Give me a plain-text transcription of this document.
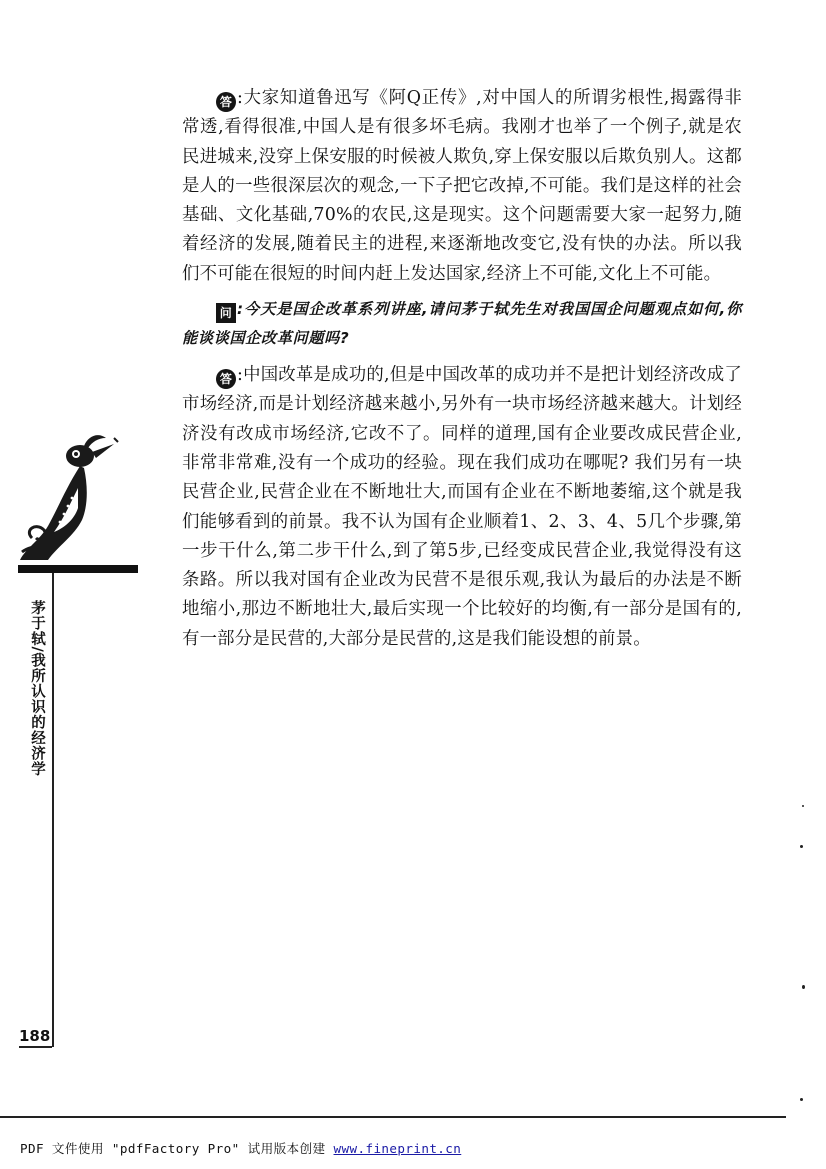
答 :大家知道鲁迅写《阿Q正传》,对中国人的所谓劣根性,揭露得非常透,看得很准,中国人是有很多坏毛病。我刚才也举了一个例子,就是农民进城来,没穿上保安服的时候被人欺负,穿上保安服以后欺负别人。这都是人的一些很深层次的观念,一下子把它改掉,不可能。我们是这样的社会基础、文化基础,70%的农民,这是现实。这个问题需要大家一起努力,随着经济的发展,随着民主的进程,来逐渐地改变它,没有快的办法。所以我们不可能在很短的时间内赶上发达国家,经济上不可能,文化上不可能。

问 :今天是国企改革系列讲座,请问茅于轼先生对我国国企问题观点如何,你能谈谈国企改革问题吗?

答 :中国改革是成功的,但是中国改革的成功并不是把计划经济改成了市场经济,而是计划经济越来越小,另外有一块市场经济越来越大。计划经济没有改成市场经济,它改不了。同样的道理,国有企业要改成民营企业,非常非常难,没有一个成功的经验。现在我们成功在哪呢? 我们另有一块民营企业,民营企业在不断地壮大,而国有企业在不断地萎缩,这个就是我们能够看到的前景。我不认为国有企业顺着1、2、3、4、5几个步骤,第一步干什么,第二步干什么,到了第5步,已经变成民营企业,我觉得没有这条路。所以我对国有企业改为民营不是很乐观,我认为最后的办法是不断地缩小,那边不断地壮大,最后实现一个比较好的均衡,有一部分是国有的,有一部分是民营的,大部分是民营的,这是我们能设想的前景。

茅于轼/我所认识的经济学
188
PDF 文件使用 "pdfFactory Pro" 试用版本创建 www.fineprint.cn
